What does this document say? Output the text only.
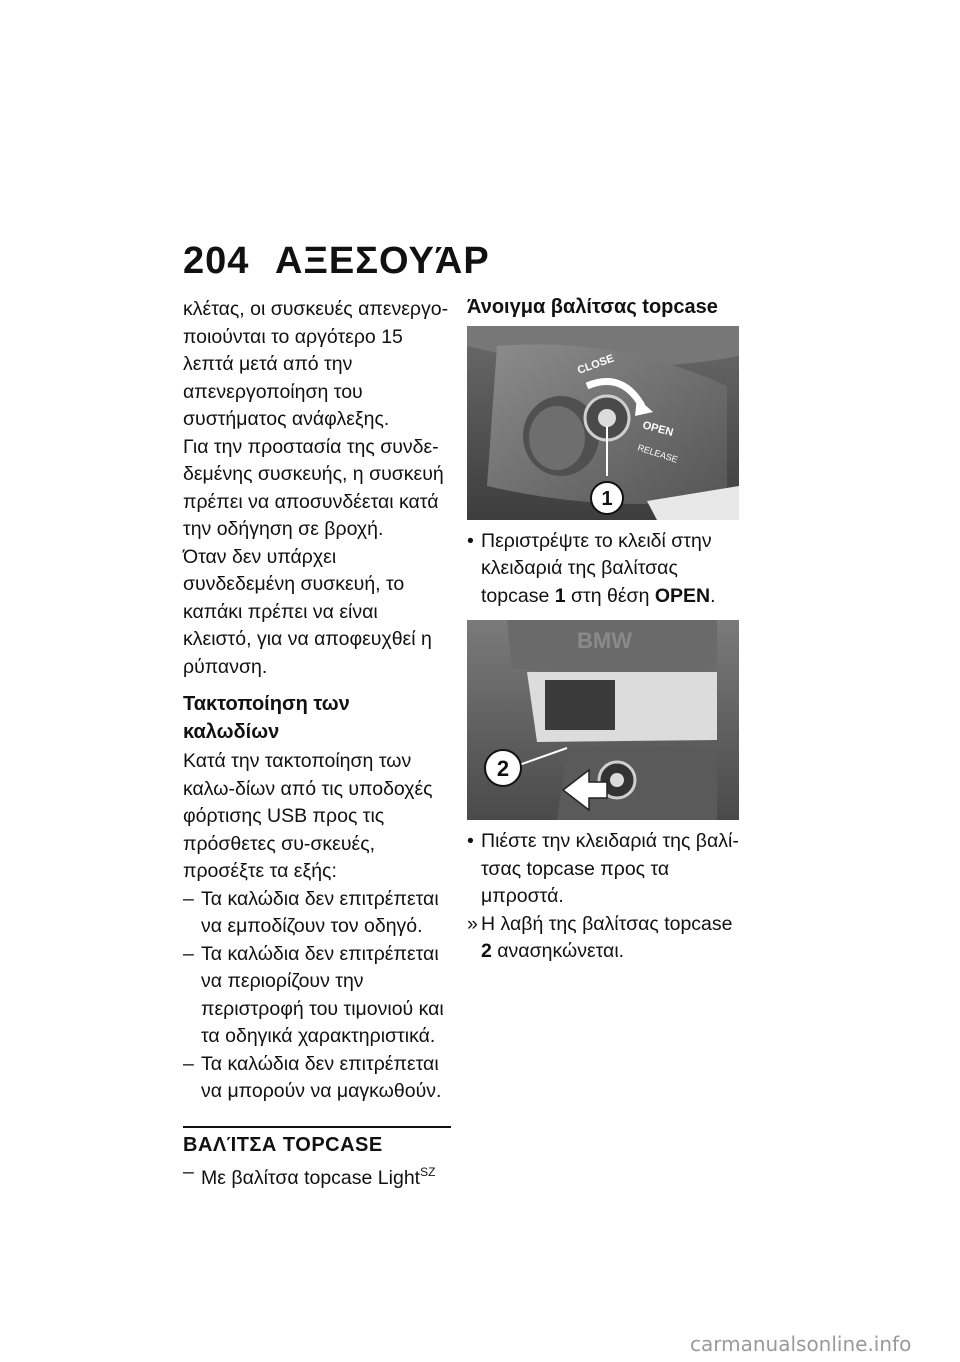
204 ΑΞΕΣΟΥΆΡ

κλέτας, οι συσκευές απενεργο-ποιούνται το αργότερο 15 λεπτά μετά από την απενεργοποίηση του συστήματος ανάφλεξης.

Για την προστασία της συνδε-δεμένης συσκευής, η συσκευή πρέπει να αποσυνδέεται κατά την οδήγηση σε βροχή.

Όταν δεν υπάρχει συνδεδεμένη συσκευή, το καπάκι πρέπει να είναι κλειστό, για να αποφευχθεί η ρύπανση.

Τακτοποίηση των καλωδίων

Κατά την τακτοποίηση των καλω-δίων από τις υποδοχές φόρτισης USB προς τις πρόσθετες συ-σκευές, προσέξτε τα εξής:

– Τα καλώδια δεν επιτρέπεται να εμποδίζουν τον οδηγό.

– Τα καλώδια δεν επιτρέπεται να περιορίζουν την περιστροφή του τιμονιού και τα οδηγικά χαρακτηριστικά.

– Τα καλώδια δεν επιτρέπεται να μπορούν να μαγκωθούν.

ΒΑΛΊΤΣΑ TOPCASE

– Με βαλίτσα topcase Light$^{SZ}$

Άνοιγμα βαλίτσας topcase

CLOSE
OPEN
RELEASE
1

• Περιστρέψτε το κλειδί στην κλειδαριά της βαλίτσας topcase 1 στη θέση OPEN.

BMW
2

• Πιέστε την κλειδαριά της βαλί-τσας topcase προς τα μπροστά.

» Η λαβή της βαλίτσας topcase 2 ανασηκώνεται.

carmanualsonline.info
